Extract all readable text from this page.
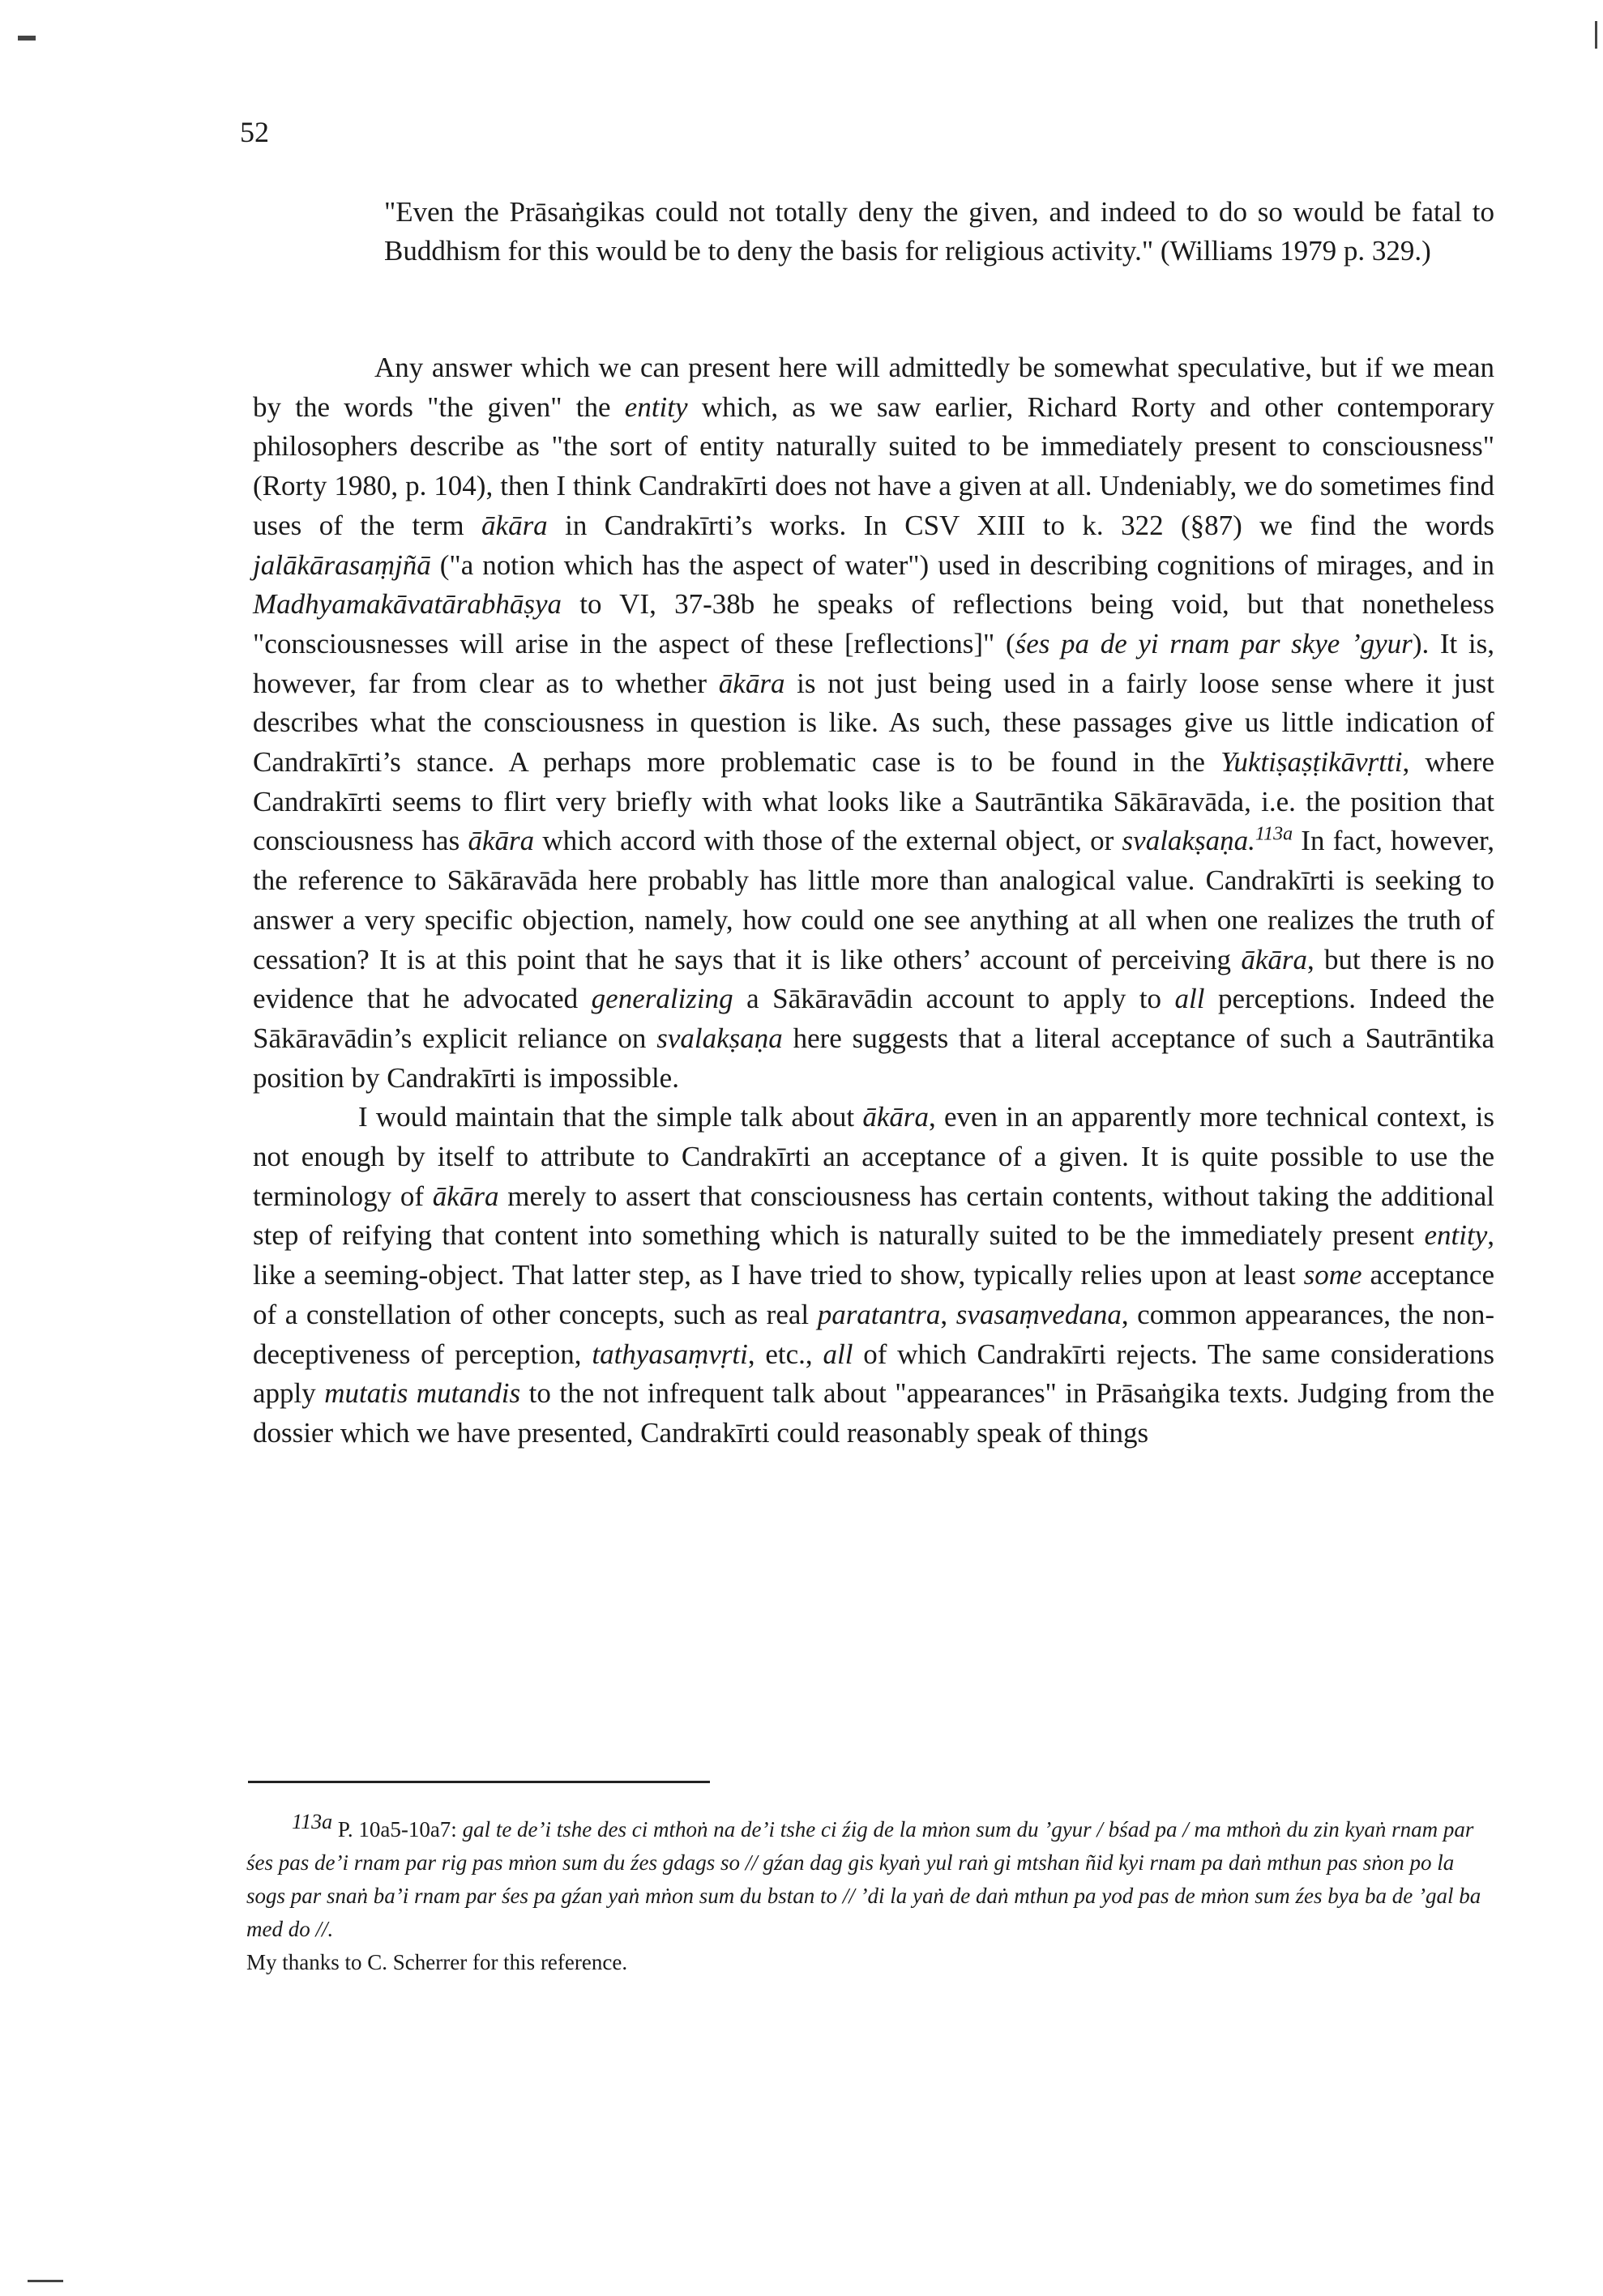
52
"Even the Prāsaṅgikas could not totally deny the given, and indeed to do so would be fatal to Buddhism for this would be to deny the basis for religious activity." (Williams 1979 p. 329.)

Any answer which we can present here will admittedly be somewhat speculative, but if we mean by the words "the given" the entity which, as we saw earlier, Richard Rorty and other contemporary philosophers describe as "the sort of entity naturally suited to be immediately present to consciousness" (Rorty 1980, p. 104), then I think Candrakīrti does not have a given at all. Undeniably, we do sometimes find uses of the term ākāra in Candrakīrti’s works. In CSV XIII to k. 322 (§87) we find the words jalākārasaṃjñā ("a notion which has the aspect of water") used in describing cognitions of mirages, and in Madhyamakāvatārabhāṣya to VI, 37-38b he speaks of reflections being void, but that nonetheless "consciousnesses will arise in the aspect of these [reflections]" (śes pa de yi rnam par skye ’gyur). It is, however, far from clear as to whether ākāra is not just being used in a fairly loose sense where it just describes what the consciousness in question is like. As such, these passages give us little indication of Candrakīrti’s stance. A perhaps more problematic case is to be found in the Yuktiṣaṣṭikāvṛtti, where Candrakīrti seems to flirt very briefly with what looks like a Sautrāntika Sākāravāda, i.e. the position that consciousness has ākāra which accord with those of the external object, or svalakṣaṇa.$^{113a}$ In fact, however, the reference to Sākāravāda here probably has little more than analogical value. Candrakīrti is seeking to answer a very specific objection, namely, how could one see anything at all when one realizes the truth of cessation? It is at this point that he says that it is like others’ account of perceiving ākāra, but there is no evidence that he advocated generalizing a Sākāravādin account to apply to all perceptions. Indeed the Sākāravādin’s explicit reliance on svalakṣaṇa here suggests that a literal acceptance of such a Sautrāntika position by Candrakīrti is impossible.

I would maintain that the simple talk about ākāra, even in an apparently more technical context, is not enough by itself to attribute to Candrakīrti an acceptance of a given. It is quite possible to use the terminology of ākāra merely to assert that consciousness has certain contents, without taking the additional step of reifying that content into something which is naturally suited to be the immediately present entity, like a seeming-object. That latter step, as I have tried to show, typically relies upon at least some acceptance of a constellation of other concepts, such as real paratantra, svasaṃvedana, common appearances, the non-deceptiveness of perception, tathyasaṃvṛti, etc., all of which Candrakīrti rejects. The same considerations apply mutatis mutandis to the not infrequent talk about "appearances" in Prāsaṅgika texts. Judging from the dossier which we have presented, Candrakīrti could reasonably speak of things

113a P. 10a5-10a7: gal te de’i tshe des ci mthoṅ na de’i tshe ci źig de la mṅon sum du ’gyur / bśad pa / ma mthoṅ du zin kyaṅ rnam par śes pas de’i rnam par rig pas mṅon sum du źes gdags so // gźan dag gis kyaṅ yul raṅ gi mtshan ñid kyi rnam pa daṅ mthun pas sṅon po la sogs par snaṅ ba’i rnam par śes pa gźan yaṅ mṅon sum du bstan to // ’di la yaṅ de daṅ mthun pa yod pas de mṅon sum źes bya ba de ’gal ba med do //.
My thanks to C. Scherrer for this reference.
